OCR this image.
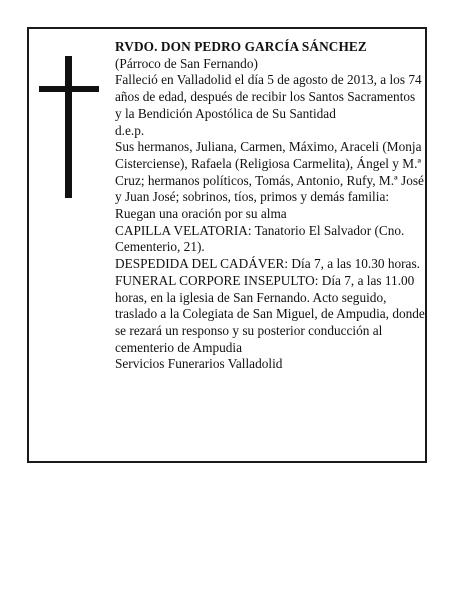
RVDO. DON PEDRO GARCÍA SÁNCHEZ

(Párroco de San Fernando)

Falleció en Valladolid el día 5 de agosto de 2013, a los 74 años de edad, después de recibir los Santos Sacramentos y la Bendición Apostólica de Su Santidad

d.e.p.

Sus hermanos, Juliana, Carmen, Máximo, Araceli (Monja Cisterciense), Rafaela (Religiosa Carmelita), Ángel y M.ª Cruz; hermanos políticos, Tomás, Antonio, Rufy, M.ª José y Juan José; sobrinos, tíos, primos y demás familia:

Ruegan una oración por su alma

CAPILLA VELATORIA: Tanatorio El Salvador (Cno. Cementerio, 21).

DESPEDIDA DEL CADÁVER: Día 7, a las 10.30 horas.

FUNERAL CORPORE INSEPULTO: Día 7, a las 11.00 horas, en la iglesia de San Fernando. Acto seguido, traslado a la Colegiata de San Miguel, de Ampudia, donde se rezará un responso y su posterior conducción al cementerio de Ampudia

Servicios Funerarios Valladolid
